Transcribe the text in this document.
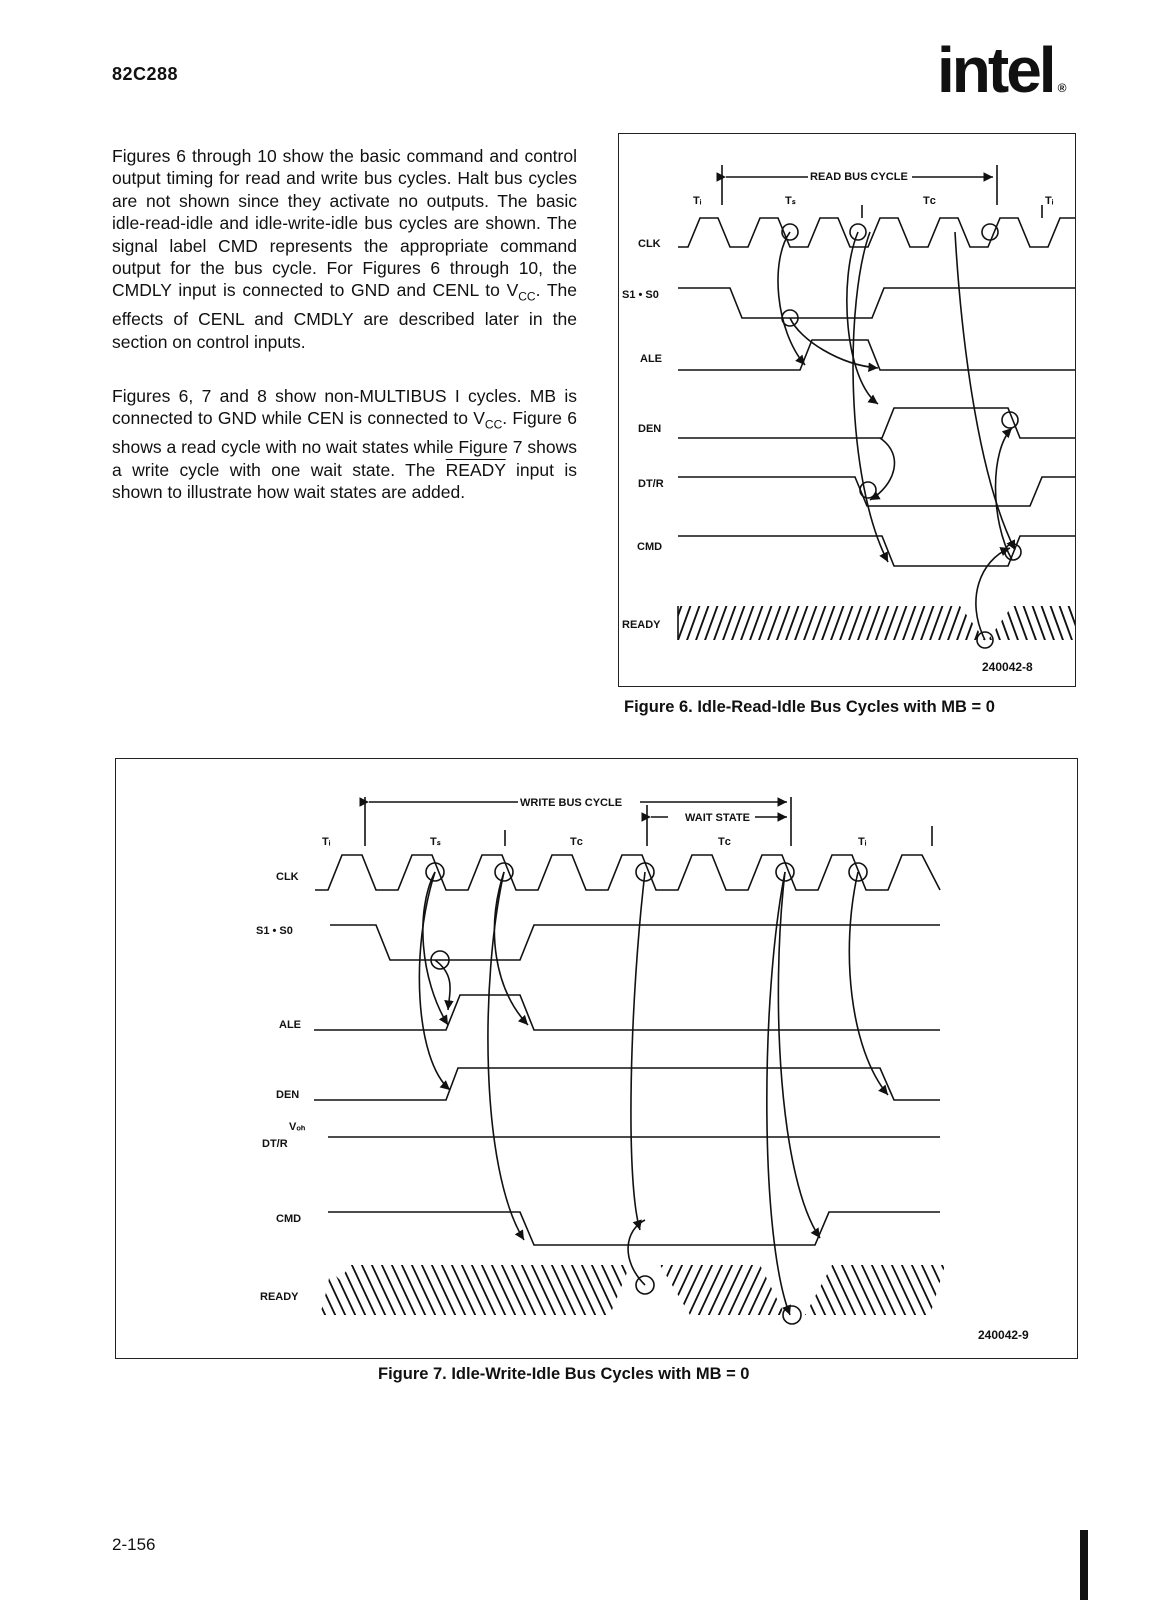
82C288	intel ®
Figures 6 through 10 show the basic command and control output timing for read and write bus cycles. Halt bus cycles are not shown since they activate no outputs. The basic idle-read-idle and idle-write-idle bus cycles are shown. The signal label CMD represents the appropriate command output for the bus cycle. For Figures 6 through 10, the CMDLY input is connected to GND and CENL to $V_{CC}$. The effects of CENL and CMDLY are described later in the section on control inputs.
Figures 6, 7 and 8 show non-MULTIBUS I cycles. MB is connected to GND while CEN is connected to $V_{CC}$. Figure 6 shows a read cycle with no wait states while Figure 7 shows a write cycle with one wait state. The READY input is shown to illustrate how wait states are added.
READ BUS CYCLE
Tᵢ	Tₛ	Tᴄ	Tᵢ
CLK
S1 • S0
ALE
DEN
DT/R
CMD
READY
240042-8
Figure 6. Idle-Read-Idle Bus Cycles with MB = 0
WRITE BUS CYCLE
WAIT STATE
Tᵢ	Tₛ	Tᴄ	Tᴄ	Tᵢ
CLK
S1 • S0
ALE
DEN
Vₒₕ
DT/R
CMD
READY
240042-9
Figure 7. Idle-Write-Idle Bus Cycles with MB = 0
2-156
